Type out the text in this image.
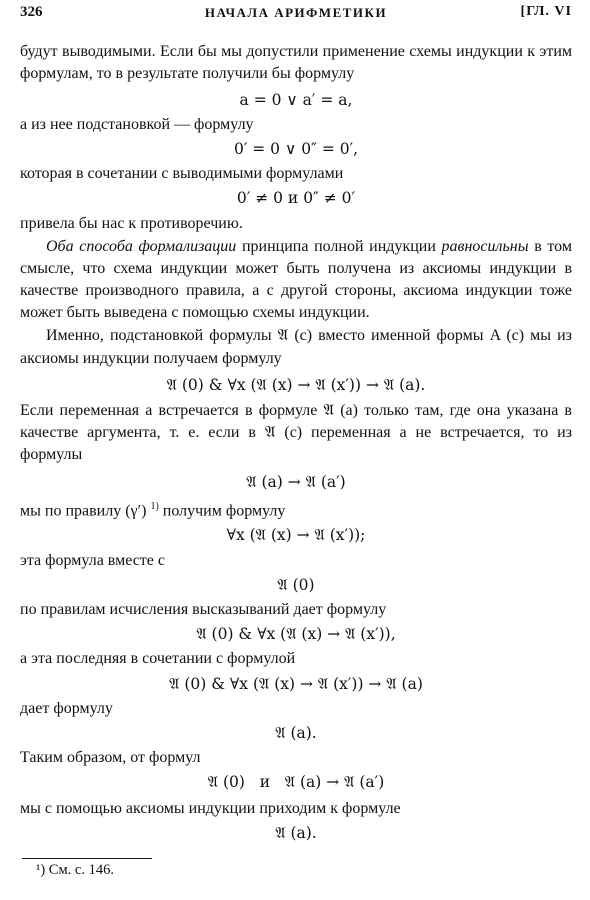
326	НАЧАЛА АРИФМЕТИКИ	[ГЛ. VI

будут выводимыми. Если бы мы допустили применение схемы индукции к этим формулам, то в результате получили бы формулу

a = 0 ∨ a′ = a,

а из нее подстановкой — формулу

0′ = 0 ∨ 0″ = 0′,

которая в сочетании с выводимыми формулами

0′ ≠ 0 и 0″ ≠ 0′

привела бы нас к противоречию.

Оба способа формализации принципа полной индукции равносильны в том смысле, что схема индукции может быть получена из аксиомы индукции в качестве производного правила, а с другой стороны, аксиома индукции тоже может быть выведена с помощью схемы индукции.

Именно, подстановкой формулы 𝔄 (c) вместо именной формы A (c) мы из аксиомы индукции получаем формулу

𝔄 (0) & ∀x (𝔄 (x) → 𝔄 (x′)) → 𝔄 (a).

Если переменная a встречается в формуле 𝔄 (a) только там, где она указана в качестве аргумента, т. е. если в 𝔄 (c) переменная a не встречается, то из формулы

𝔄 (a) → 𝔄 (a′)

мы по правилу (γ′) $^{1)}$ получим формулу

∀x (𝔄 (x) → 𝔄 (x′));

эта формула вместе с

𝔄 (0)

по правилам исчисления высказываний дает формулу

𝔄 (0) & ∀x (𝔄 (x) → 𝔄 (x′)),

а эта последняя в сочетании с формулой

𝔄 (0) & ∀x (𝔄 (x) → 𝔄 (x′)) → 𝔄 (a)

дает формулу

𝔄 (a).

Таким образом, от формул

𝔄 (0)   и   𝔄 (a) → 𝔄 (a′)

мы с помощью аксиомы индукции приходим к формуле

𝔄 (a).

¹) См. с. 146.
